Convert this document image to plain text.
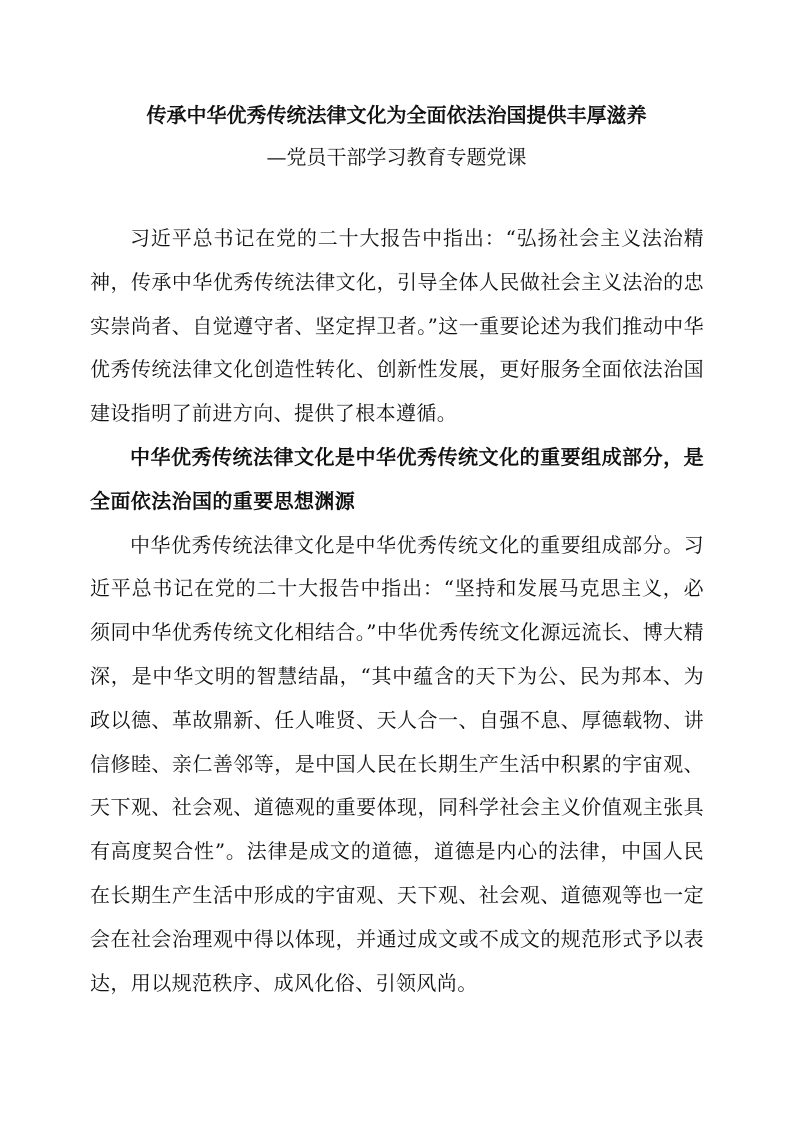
传承中华优秀传统法律文化为全面依法治国提供丰厚滋养
—党员干部学习教育专题党课

习近平总书记在党的二十大报告中指出：“弘扬社会主义法治精神，传承中华优秀传统法律文化，引导全体人民做社会主义法治的忠实崇尚者、自觉遵守者、坚定捍卫者。”这一重要论述为我们推动中华优秀传统法律文化创造性转化、创新性发展，更好服务全面依法治国建设指明了前进方向、提供了根本遵循。

中华优秀传统法律文化是中华优秀传统文化的重要组成部分，是全面依法治国的重要思想渊源

中华优秀传统法律文化是中华优秀传统文化的重要组成部分。习近平总书记在党的二十大报告中指出：“坚持和发展马克思主义，必须同中华优秀传统文化相结合。”中华优秀传统文化源远流长、博大精深，是中华文明的智慧结晶，“其中蕴含的天下为公、民为邦本、为政以德、革故鼎新、任人唯贤、天人合一、自强不息、厚德载物、讲信修睦、亲仁善邻等，是中国人民在长期生产生活中积累的宇宙观、天下观、社会观、道德观的重要体现，同科学社会主义价值观主张具有高度契合性”。法律是成文的道德，道德是内心的法律，中国人民在长期生产生活中形成的宇宙观、天下观、社会观、道德观等也一定会在社会治理观中得以体现，并通过成文或不成文的规范形式予以表达，用以规范秩序、成风化俗、引领风尚。
